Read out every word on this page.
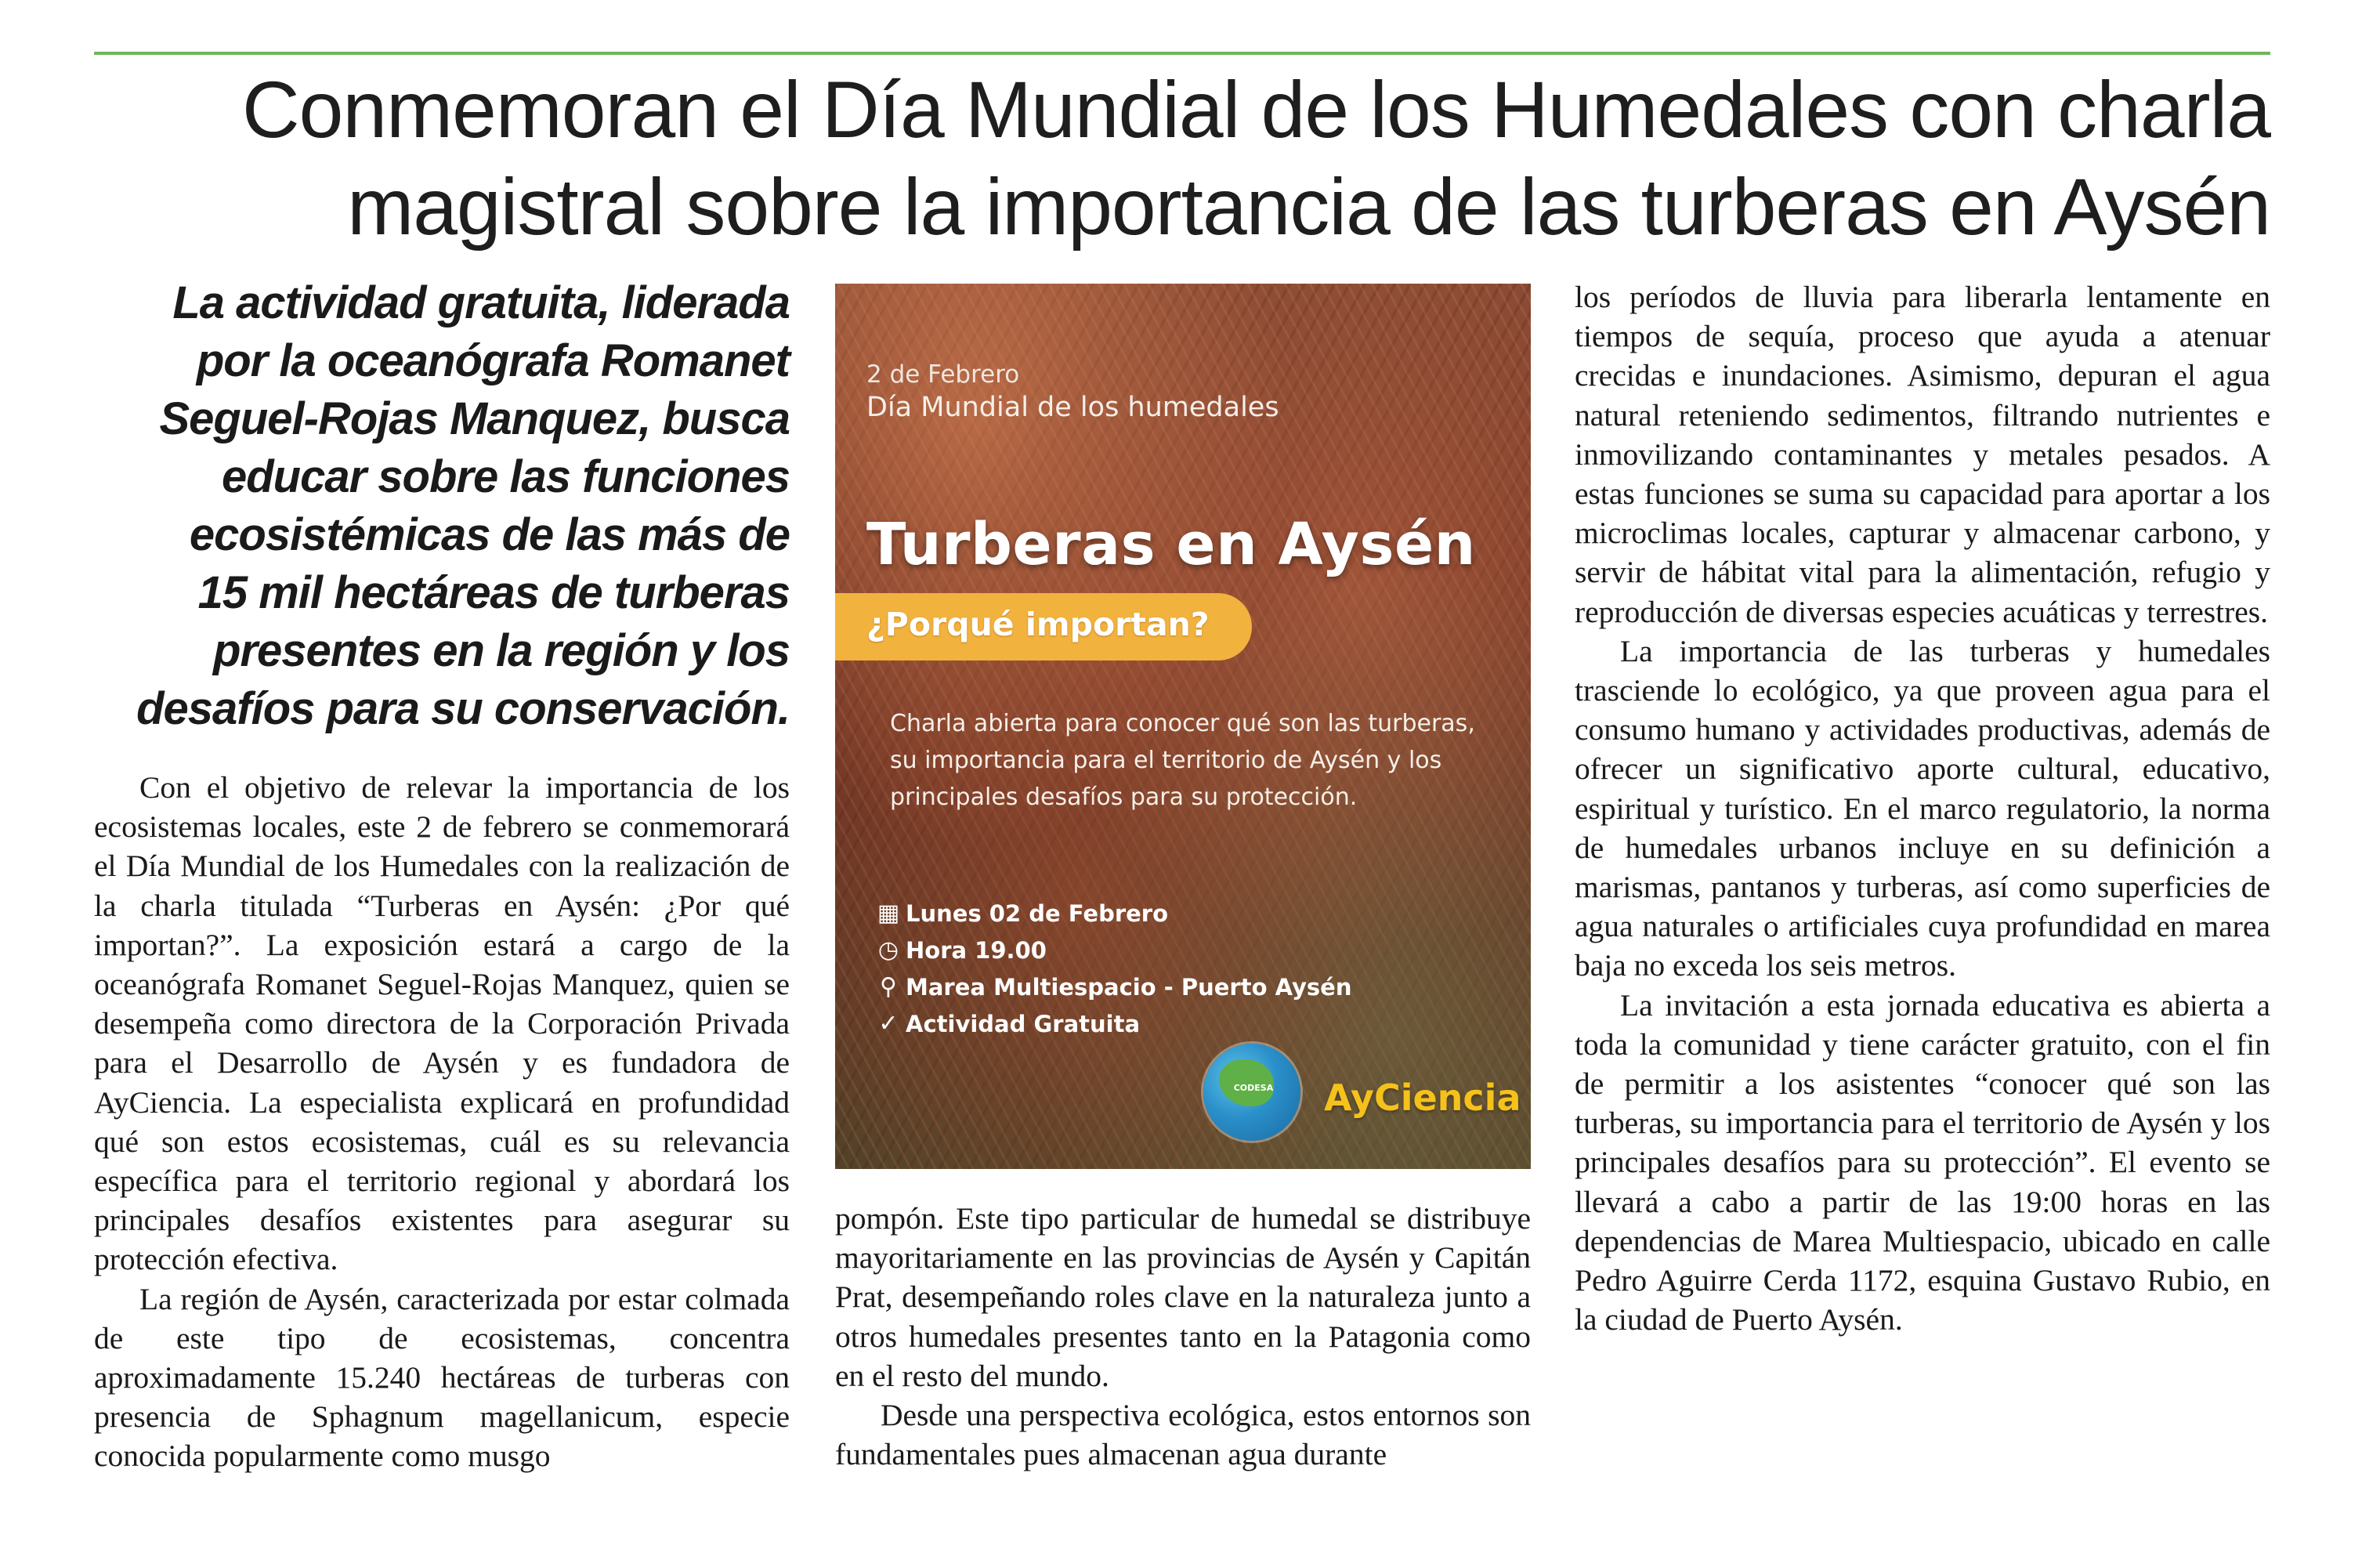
Conmemoran el Día Mundial de los Humedales con charla
magistral sobre la importancia de las turberas en Aysén

La actividad gratuita, liderada
por la oceanógrafa Romanet
Seguel-Rojas Manquez, busca
educar sobre las funciones
ecosistémicas de las más de
15 mil hectáreas de turberas
presentes en la región y los
desafíos para su conservación.

Con el objetivo de relevar la importancia de los ecosistemas locales, este 2 de febrero se conmemorará el Día Mundial de los Humedales con la realización de la charla titulada “Turberas en Aysén: ¿Por qué importan?”. La exposición estará a cargo de la oceanógrafa Romanet Seguel-Rojas Manquez, quien se desempeña como directora de la Corporación Privada para el Desarrollo de Aysén y es fundadora de AyCiencia. La especialista explicará en profundidad qué son estos ecosistemas, cuál es su relevancia específica para el territorio regional y abordará los principales desafíos existentes para asegurar su protección efectiva.

La región de Aysén, caracterizada por estar colmada de este tipo de ecosistemas, concentra aproximadamente 15.240 hectáreas de turberas con presencia de Sphagnum magellanicum, especie conocida popularmente como musgo

2 de Febrero
Día Mundial de los humedales
Turberas en Aysén
¿Porqué importan?
Charla abierta para conocer qué son las turberas, su importancia para el territorio de Aysén y los principales desafíos para su protección.
▦ Lunes 02 de Febrero
◷ Hora 19.00
⚲ Marea Multiespacio - Puerto Aysén
✓ Actividad Gratuita
CODESA	AyCiencia

pompón. Este tipo particular de humedal se distribuye mayoritariamente en las provincias de Aysén y Capitán Prat, desempeñando roles clave en la naturaleza junto a otros humedales presentes tanto en la Patagonia como en el resto del mundo.

Desde una perspectiva ecológica, estos entornos son fundamentales pues almacenan agua durante

los períodos de lluvia para liberarla lentamente en tiempos de sequía, proceso que ayuda a atenuar crecidas e inundaciones. Asimismo, depuran el agua natural reteniendo sedimentos, filtrando nutrientes e inmovilizando contaminantes y metales pesados. A estas funciones se suma su capacidad para aportar a los microclimas locales, capturar y almacenar carbono, y servir de hábitat vital para la alimentación, refugio y reproducción de diversas especies acuáticas y terrestres.

La importancia de las turberas y humedales trasciende lo ecológico, ya que proveen agua para el consumo humano y actividades productivas, además de ofrecer un significativo aporte cultural, educativo, espiritual y turístico. En el marco regulatorio, la norma de humedales urbanos incluye en su definición a marismas, pantanos y turberas, así como superficies de agua naturales o artificiales cuya profundidad en marea baja no exceda los seis metros.

La invitación a esta jornada educativa es abierta a toda la comunidad y tiene carácter gratuito, con el fin de permitir a los asistentes “conocer qué son las turberas, su importancia para el territorio de Aysén y los principales desafíos para su protección”. El evento se llevará a cabo a partir de las 19:00 horas en las dependencias de Marea Multiespacio, ubicado en calle Pedro Aguirre Cerda 1172, esquina Gustavo Rubio, en la ciudad de Puerto Aysén.
